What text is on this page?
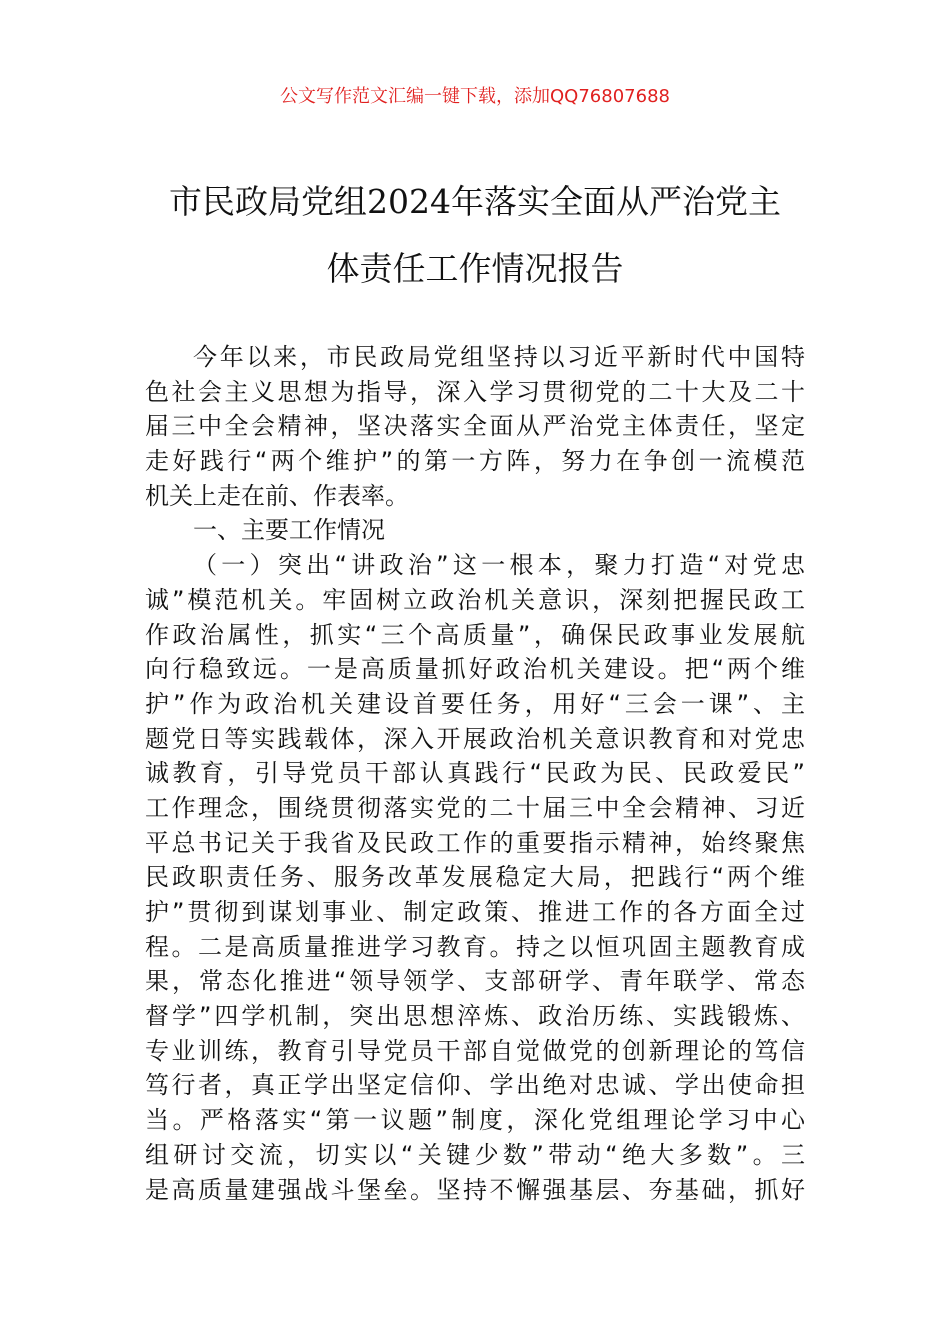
公文写作范文汇编一键下载，添加QQ76807688
市民政局党组2024年落实全面从严治党主
体责任工作情况报告
今年以来，市民政局党组坚持以习近平新时代中国特
色社会主义思想为指导，深入学习贯彻党的二十大及二十
届三中全会精神，坚决落实全面从严治党主体责任，坚定
走好践行“两个维护”的第一方阵，努力在争创一流模范
机关上走在前、作表率。
一、主要工作情况
（一）突出“讲政治”这一根本，聚力打造“对党忠
诚”模范机关。牢固树立政治机关意识，深刻把握民政工
作政治属性，抓实“三个高质量”，确保民政事业发展航
向行稳致远。一是高质量抓好政治机关建设。把“两个维
护”作为政治机关建设首要任务，用好“三会一课”、主
题党日等实践载体，深入开展政治机关意识教育和对党忠
诚教育，引导党员干部认真践行“民政为民、民政爱民”
工作理念，围绕贯彻落实党的二十届三中全会精神、习近
平总书记关于我省及民政工作的重要指示精神，始终聚焦
民政职责任务、服务改革发展稳定大局，把践行“两个维
护”贯彻到谋划事业、制定政策、推进工作的各方面全过
程。二是高质量推进学习教育。持之以恒巩固主题教育成
果，常态化推进“领导领学、支部研学、青年联学、常态
督学”四学机制，突出思想淬炼、政治历练、实践锻炼、
专业训练，教育引导党员干部自觉做党的创新理论的笃信
笃行者，真正学出坚定信仰、学出绝对忠诚、学出使命担
当。严格落实“第一议题”制度，深化党组理论学习中心
组研讨交流，切实以“关键少数”带动“绝大多数”。三
是高质量建强战斗堡垒。坚持不懈强基层、夯基础，抓好
